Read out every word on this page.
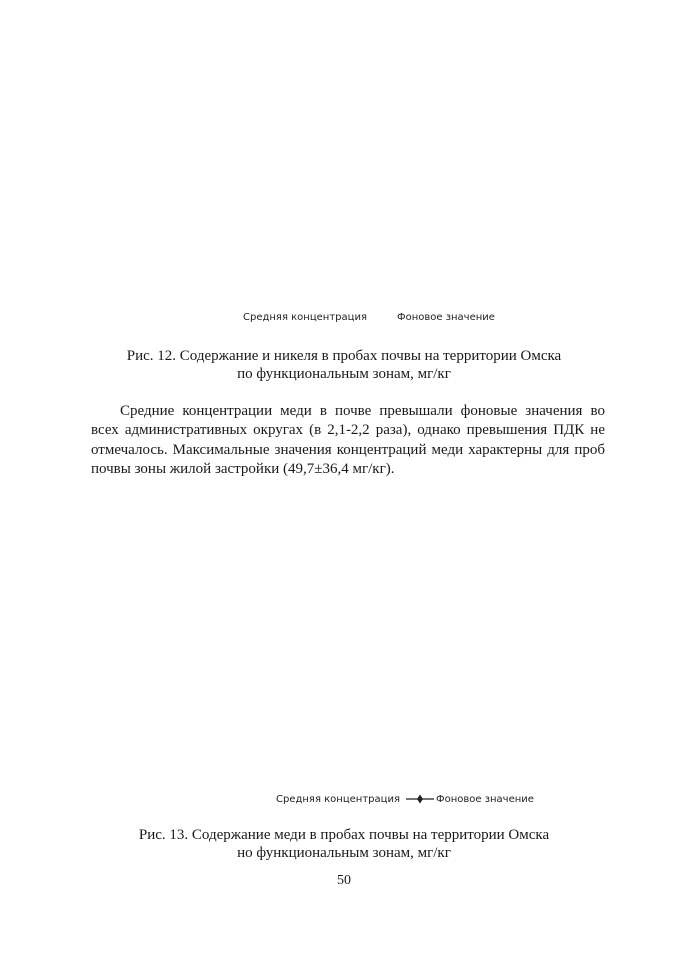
Средняя концентрация	Фоновое значение
Рис. 12. Содержание и никеля в пробах почвы на территории Омска
по функциональным зонам, мг/кг
Средние концентрации меди в почве превышали фоновые значения во
всех административных округах (в 2,1-2,2 раза), однако превышения ПДК не
отмечалось. Максимальные значения концентраций меди характерны для проб
почвы зоны жилой застройки (49,7±36,4 мг/кг).
Средняя концентрация	Фоновое значение
Рис. 13. Содержание меди в пробах почвы на территории Омска
но функциональным зонам, мг/кг
50
